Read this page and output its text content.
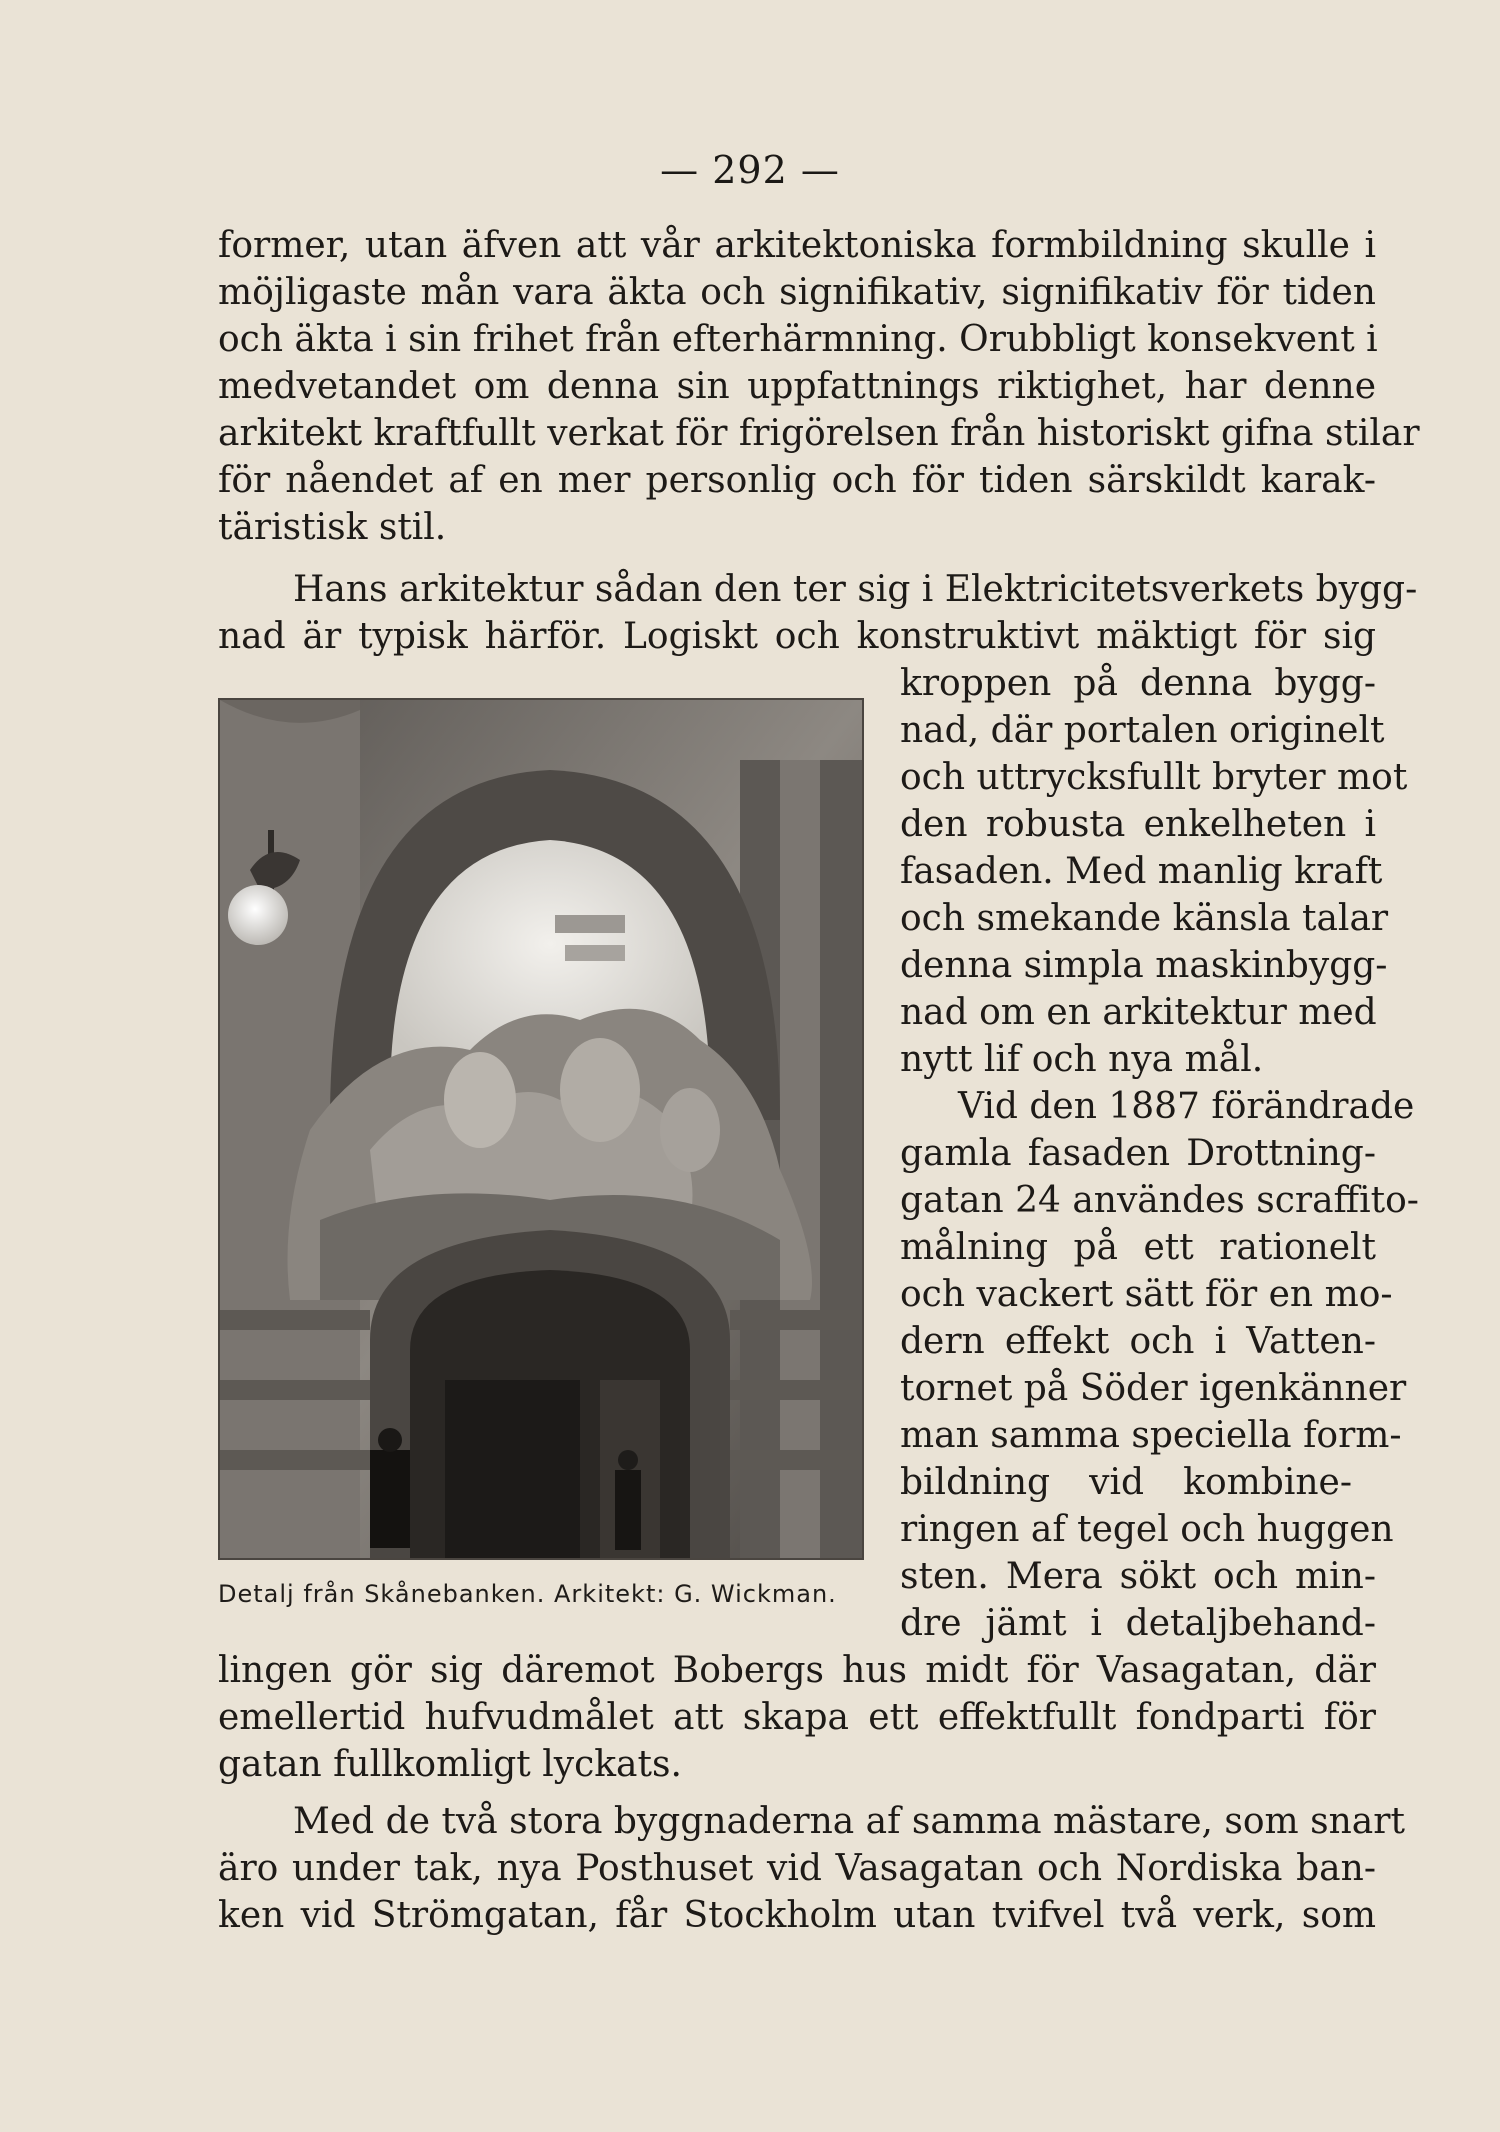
— 292 —
former, utan äfven att vår arkitektoniska formbildning skulle i
möjligaste mån vara äkta och signifikativ, signifikativ för tiden
och äkta i sin frihet från efterhärmning. Orubbligt konsekvent i
medvetandet om denna sin uppfattnings riktighet, har denne
arkitekt kraftfullt verkat för frigörelsen från historiskt gifna stilar
för nåendet af en mer personlig och för tiden särskildt karak-
täristisk stil.
Hans arkitektur sådan den ter sig i Elektricitetsverkets bygg-
nad är typisk härför. Logiskt och konstruktivt mäktigt för sig
kroppen på denna bygg-
nad, där portalen originelt
och uttrycksfullt bryter mot
den robusta enkelheten i
fasaden. Med manlig kraft
och smekande känsla talar
denna simpla maskinbygg-
nad om en arkitektur med
nytt lif och nya mål.
Vid den 1887 förändrade
gamla fasaden Drottning-
gatan 24 användes scraffito-
målning på ett rationelt
och vackert sätt för en mo-
dern effekt och i Vatten-
tornet på Söder igenkänner
man samma speciella form-
bildning vid kombine-
ringen af tegel och huggen
sten. Mera sökt och min-
dre jämt i detaljbehand-
lingen gör sig däremot Bobergs hus midt för Vasagatan, där
emellertid hufvudmålet att skapa ett effektfullt fondparti för
gatan fullkomligt lyckats.
Med de två stora byggnaderna af samma mästare, som snart
äro under tak, nya Posthuset vid Vasagatan och Nordiska ban-
ken vid Strömgatan, får Stockholm utan tvifvel två verk, som
Detalj från Skånebanken. Arkitekt: G. Wickman.
